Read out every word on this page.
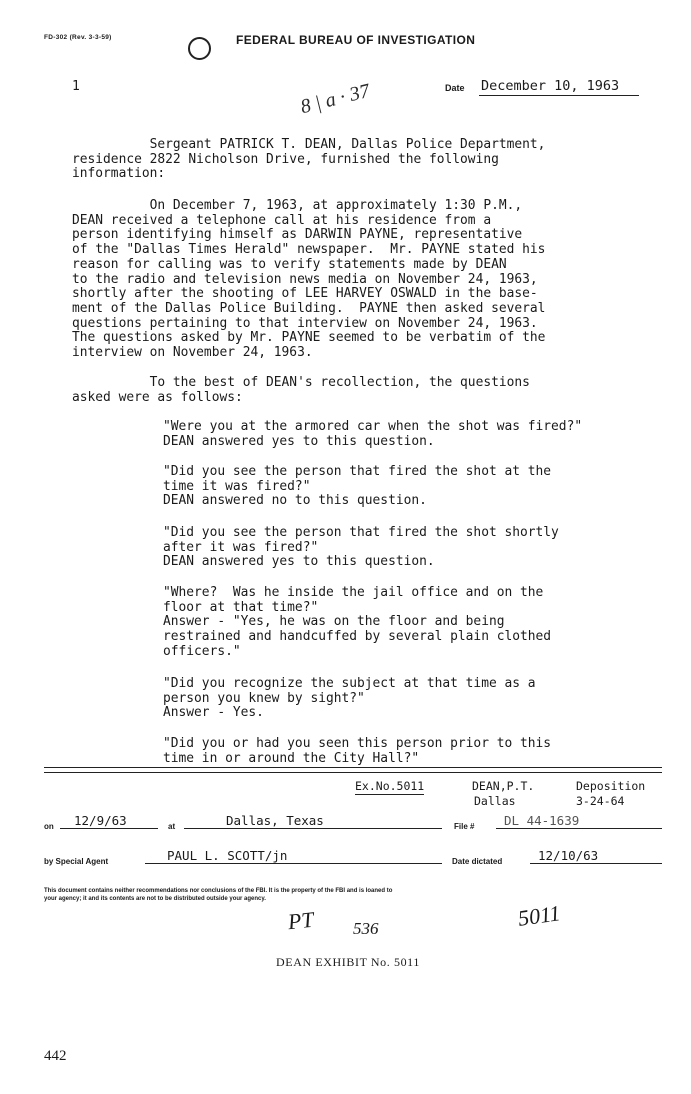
FD-302 (Rev. 3-3-59)	FEDERAL BUREAU OF INVESTIGATION
1	Date December 10, 1963
8 | a · 37
Sergeant PATRICK T. DEAN, Dallas Police Department,
residence 2822 Nicholson Drive, furnished the following
information:
On December 7, 1963, at approximately 1:30 P.M.,
DEAN received a telephone call at his residence from a
person identifying himself as DARWIN PAYNE, representative
of the "Dallas Times Herald" newspaper.  Mr. PAYNE stated his
reason for calling was to verify statements made by DEAN
to the radio and television news media on November 24, 1963,
shortly after the shooting of LEE HARVEY OSWALD in the base-
ment of the Dallas Police Building.  PAYNE then asked several
questions pertaining to that interview on November 24, 1963.
The questions asked by Mr. PAYNE seemed to be verbatim of the
interview on November 24, 1963.
To the best of DEAN's recollection, the questions
asked were as follows:
"Were you at the armored car when the shot was fired?"
DEAN answered yes to this question.
"Did you see the person that fired the shot at the
time it was fired?"
DEAN answered no to this question.
"Did you see the person that fired the shot shortly
after it was fired?"
DEAN answered yes to this question.
"Where?  Was he inside the jail office and on the
floor at that time?"
Answer - "Yes, he was on the floor and being
restrained and handcuffed by several plain clothed
officers."
"Did you recognize the subject at that time as a
person you knew by sight?"
Answer - Yes.
"Did you or had you seen this person prior to this
time in or around the City Hall?"
Ex.No.5011	DEAN,P.T.
Dallas
Deposition
3-24-64
on	12/9/63	at	Dallas, Texas	File #	DL 44-1639
by Special Agent	PAUL L. SCOTT/jn	Date dictated	12/10/63
This document contains neither recommendations nor conclusions of the FBI. It is the property of the FBI and is loaned to
your agency; it and its contents are not to be distributed outside your agency.
PT 536	5011
DEAN EXHIBIT No. 5011
442
